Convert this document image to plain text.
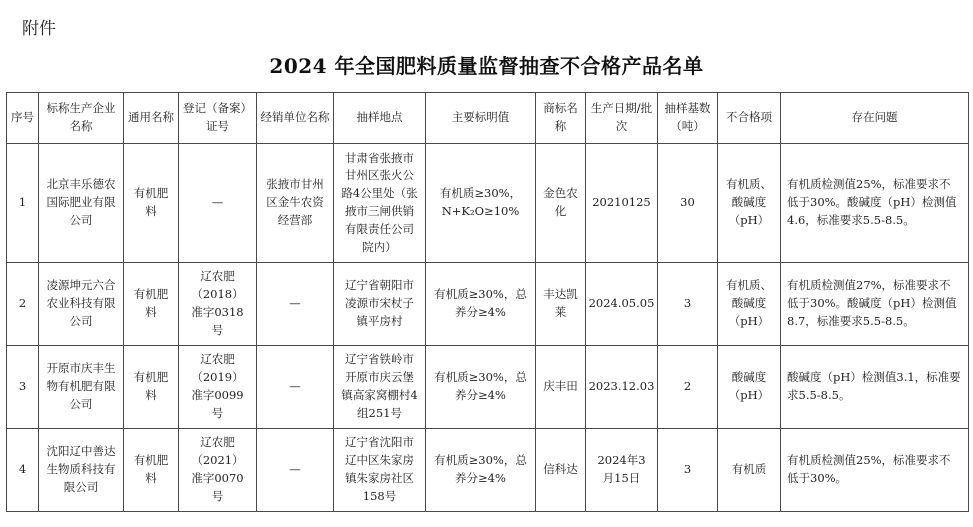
附件
2024 年全国肥料质量监督抽查不合格产品名单
序号	标称生产企业名称	通用名称	登记（备案）证号	经销单位名称	抽样地点	主要标明值	商标名称	生产日期/批次	抽样基数（吨）	不合格项	存在问题
1	北京丰乐德农国际肥业有限公司	有机肥料	—	张掖市甘州区金牛农资经营部	甘肃省张掖市甘州区张火公路4公里处（张掖市三闸供销有限责任公司院内）	有机质≥30%，N+K₂O≥10%	金色农化	20210125	30	有机质、酸碱度（pH）	有机质检测值25%，标准要求不低于30%。酸碱度（pH）检测值4.6，标准要求5.5-8.5。
2	凌源坤元六合农业科技有限公司	有机肥料	辽农肥（2018）准字0318号	—	辽宁省朝阳市凌源市宋杖子镇平房村	有机质≥30%，总养分≥4%	丰达凯莱	2024.05.05	3	有机质、酸碱度（pH）	有机质检测值27%，标准要求不低于30%。酸碱度（pH）检测值8.7，标准要求5.5-8.5。
3	开原市庆丰生物有机肥有限公司	有机肥料	辽农肥（2019）准字0099号	—	辽宁省铁岭市开原市庆云堡镇高家窝棚村4组251号	有机质≥30%，总养分≥4%	庆丰田	2023.12.03	2	酸碱度（pH）	酸碱度（pH）检测值3.1，标准要求5.5-8.5。
4	沈阳辽中善达生物质科技有限公司	有机肥料	辽农肥（2021）准字0070号	—	辽宁省沈阳市辽中区朱家房镇朱家房社区158号	有机质≥30%，总养分≥4%	信科达	2024年3月15日	3	有机质	有机质检测值25%，标准要求不低于30%。
